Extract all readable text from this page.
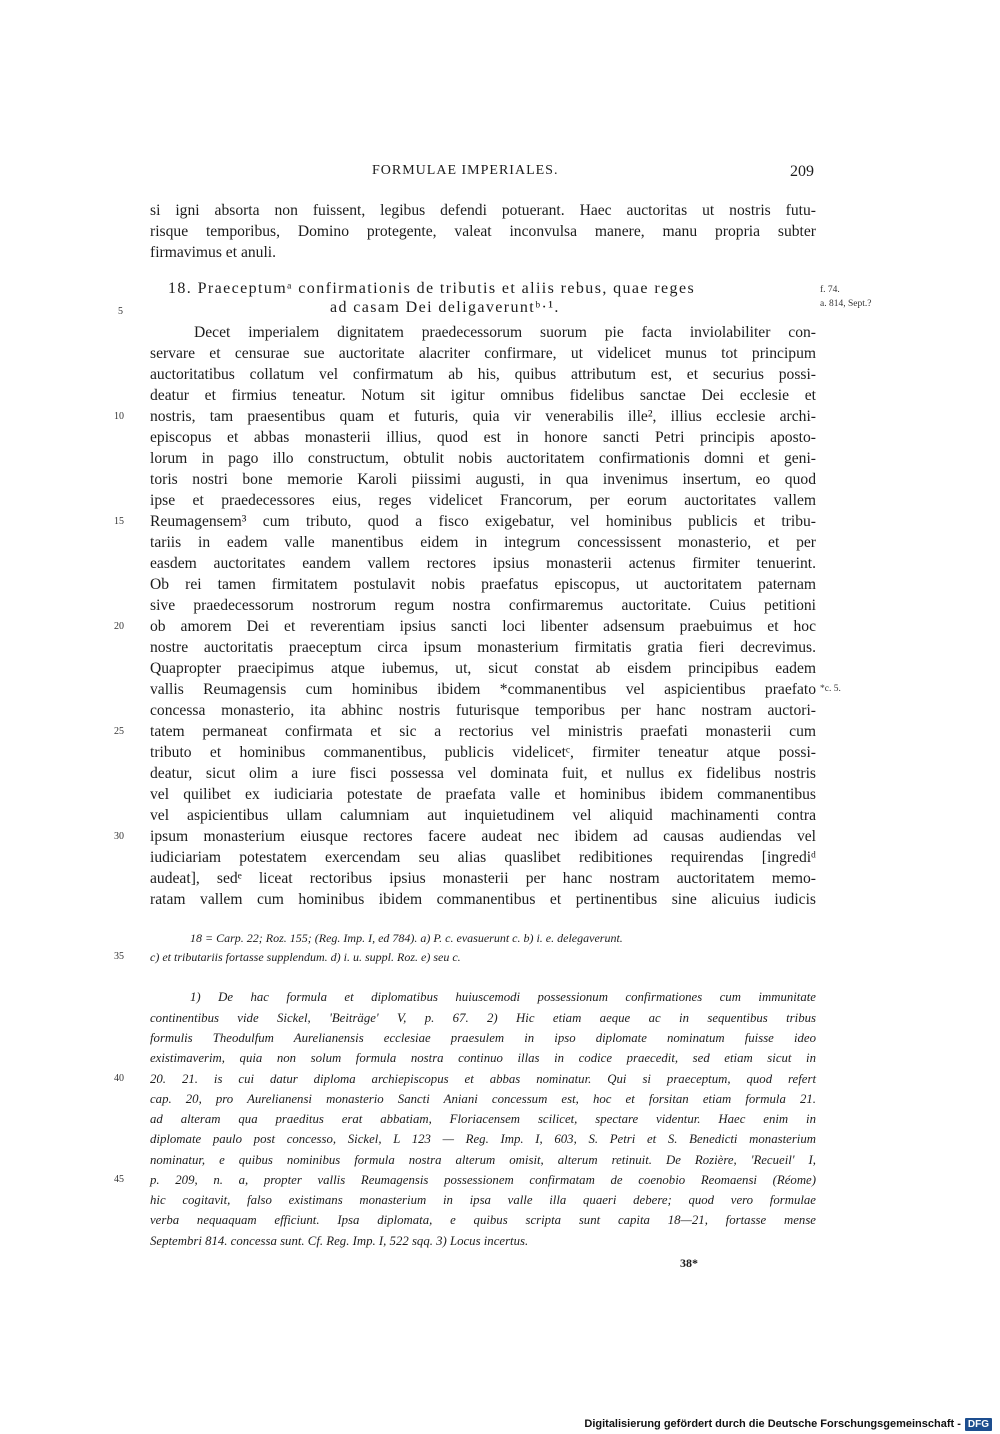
FORMULAE IMPERIALES.	209
si igni absorta non fuissent, legibus defendi potuerant. Haec auctoritas ut nostris futu-
risque temporibus, Domino protegente, valeat inconvulsa manere, manu propria subter
firmavimus et anuli.
18. Praeceptumᵃ confirmationis de tributis et aliis rebus, quae reges
ad casam Dei deligaveruntᵇ·¹.
f. 74.
a. 814, Sept.?
Decet imperialem dignitatem praedecessorum suorum pie facta inviolabiliter con-
servare et censurae sue auctoritate alacriter confirmare, ut videlicet munus tot principum
auctoritatibus collatum vel confirmatum ab his, quibus attributum est, et securius possi-
deatur et firmius teneatur. Notum sit igitur omnibus fidelibus sanctae Dei ecclesie et
nostris, tam praesentibus quam et futuris, quia vir venerabilis ille², illius ecclesie archi-
episcopus et abbas monasterii illius, quod est in honore sancti Petri principis aposto-
lorum in pago illo constructum, obtulit nobis auctoritatem confirmationis domni et geni-
toris nostri bone memorie Karoli piissimi augusti, in qua invenimus insertum, eo quod
ipse et praedecessores eius, reges videlicet Francorum, per eorum auctoritates vallem
Reumagensem³ cum tributo, quod a fisco exigebatur, vel hominibus publicis et tribu-
tariis in eadem valle manentibus eidem in integrum concessissent monasterio, et per
easdem auctoritates eandem vallem rectores ipsius monasterii actenus firmiter tenuerint.
Ob rei tamen firmitatem postulavit nobis praefatus episcopus, ut auctoritatem paternam
sive praedecessorum nostrorum regum nostra confirmaremus auctoritate. Cuius petitioni
ob amorem Dei et reverentiam ipsius sancti loci libenter adsensum praebuimus et hoc
nostre auctoritatis praeceptum circa ipsum monasterium firmitatis gratia fieri decrevimus.
Quapropter praecipimus atque iubemus, ut, sicut constat ab eisdem principibus eadem
vallis Reumagensis cum hominibus ibidem *commanentibus vel aspicientibus praefato
concessa monasterio, ita abhinc nostris futurisque temporibus per hanc nostram auctori-
tatem permaneat confirmata et sic a rectorius vel ministris praefati monasterii cum
tributo et hominibus commanentibus, publicis videlicetᶜ, firmiter teneatur atque possi-
deatur, sicut olim a iure fisci possessa vel dominata fuit, et nullus ex fidelibus nostris
vel quilibet ex iudiciaria potestate de praefata valle et hominibus ibidem commanentibus
vel aspicientibus ullam calumniam aut inquietudinem vel aliquid machinamenti contra
ipsum monasterium eiusque rectores facere audeat nec ibidem ad causas audiendas vel
iudiciariam potestatem exercendam seu alias quaslibet redibitiones requirendas [ingrediᵈ
audeat], sedᵉ liceat rectoribus ipsius monasterii per hanc nostram auctoritatem memo-
ratam vallem cum hominibus ibidem commanentibus et pertinentibus sine alicuius iudicis
*c. 5.
5
10
15
20
25
30
35
40
45
18 = Carp. 22; Roz. 155; (Reg. Imp. I, ed 784). a) P. c. evasuerunt c. b) i. e. delegaverunt.
c) et tributariis fortasse supplendum. d) i. u. suppl. Roz. e) seu c.
1) De hac formula et diplomatibus huiuscemodi possessionum confirmationes cum immunitate
continentibus vide Sickel, 'Beiträge' V, p. 67. 2) Hic etiam aeque ac in sequentibus tribus
formulis Theodulfum Aurelianensis ecclesiae praesulem in ipso diplomate nominatum fuisse ideo
existimaverim, quia non solum formula nostra continuo illas in codice praecedit, sed etiam sicut in
20. 21. is cui datur diploma archiepiscopus et abbas nominatur. Qui si praeceptum, quod refert
cap. 20, pro Aurelianensi monasterio Sancti Aniani concessum est, hoc et forsitan etiam formula 21.
ad alteram qua praeditus erat abbatiam, Floriacensem scilicet, spectare videntur. Haec enim in
diplomate paulo post concesso, Sickel, L 123 — Reg. Imp. I, 603, S. Petri et S. Benedicti monasterium
nominatur, e quibus nominibus formula nostra alterum omisit, alterum retinuit. De Rozière, 'Recueil' I,
p. 209, n. a, propter vallis Reumagensis possessionem confirmatam de coenobio Reomaensi (Réome)
hic cogitavit, falso existimans monasterium in ipsa valle illa quaeri debere; quod vero formulae
verba nequaquam efficiunt. Ipsa diplomata, e quibus scripta sunt capita 18—21, fortasse mense
Septembri 814. concessa sunt. Cf. Reg. Imp. I, 522 sqq. 3) Locus incertus.
38*
Digitalisierung gefördert durch die Deutsche Forschungsgemeinschaft - DFG
